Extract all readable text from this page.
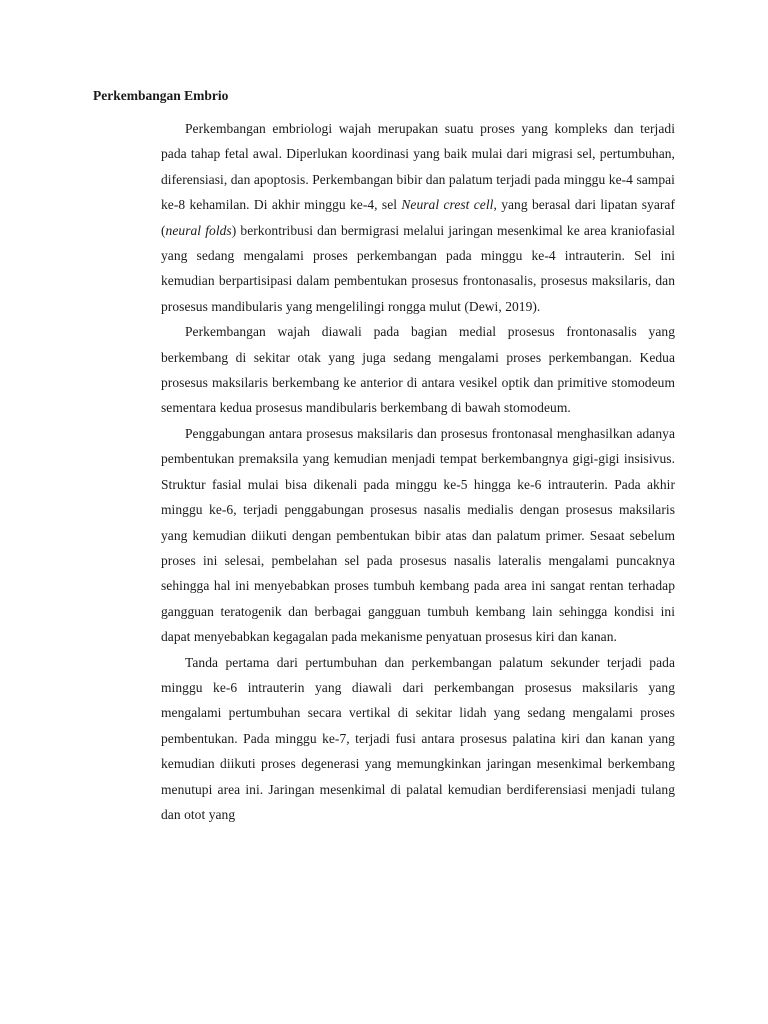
Perkembangan Embrio

Perkembangan embriologi wajah merupakan suatu proses yang kompleks dan terjadi pada tahap fetal awal. Diperlukan koordinasi yang baik mulai dari migrasi sel, pertumbuhan, diferensiasi, dan apoptosis. Perkembangan bibir dan palatum terjadi pada minggu ke-4 sampai ke-8 kehamilan. Di akhir minggu ke-4, sel Neural crest cell, yang berasal dari lipatan syaraf (neural folds) berkontribusi dan bermigrasi melalui jaringan mesenkimal ke area kraniofasial yang sedang mengalami proses perkembangan pada minggu ke-4 intrauterin. Sel ini kemudian berpartisipasi dalam pembentukan prosesus frontonasalis, prosesus maksilaris, dan prosesus mandibularis yang mengelilingi rongga mulut (Dewi, 2019).

Perkembangan wajah diawali pada bagian medial prosesus frontonasalis yang berkembang di sekitar otak yang juga sedang mengalami proses perkembangan. Kedua prosesus maksilaris berkembang ke anterior di antara vesikel optik dan primitive stomodeum sementara kedua prosesus mandibularis berkembang di bawah stomodeum.

Penggabungan antara prosesus maksilaris dan prosesus frontonasal menghasilkan adanya pembentukan premaksila yang kemudian menjadi tempat berkembangnya gigi-gigi insisivus. Struktur fasial mulai bisa dikenali pada minggu ke-5 hingga ke-6 intrauterin. Pada akhir minggu ke-6, terjadi penggabungan prosesus nasalis medialis dengan prosesus maksilaris yang kemudian diikuti dengan pembentukan bibir atas dan palatum primer. Sesaat sebelum proses ini selesai, pembelahan sel pada prosesus nasalis lateralis mengalami puncaknya sehingga hal ini menyebabkan proses tumbuh kembang pada area ini sangat rentan terhadap gangguan teratogenik dan berbagai gangguan tumbuh kembang lain sehingga kondisi ini dapat menyebabkan kegagalan pada mekanisme penyatuan prosesus kiri dan kanan.

Tanda pertama dari pertumbuhan dan perkembangan palatum sekunder terjadi pada minggu ke-6 intrauterin yang diawali dari perkembangan prosesus maksilaris yang mengalami pertumbuhan secara vertikal di sekitar lidah yang sedang mengalami proses pembentukan. Pada minggu ke-7, terjadi fusi antara prosesus palatina kiri dan kanan yang kemudian diikuti proses degenerasi yang memungkinkan jaringan mesenkimal berkembang menutupi area ini. Jaringan mesenkimal di palatal kemudian berdiferensiasi menjadi tulang dan otot yang
